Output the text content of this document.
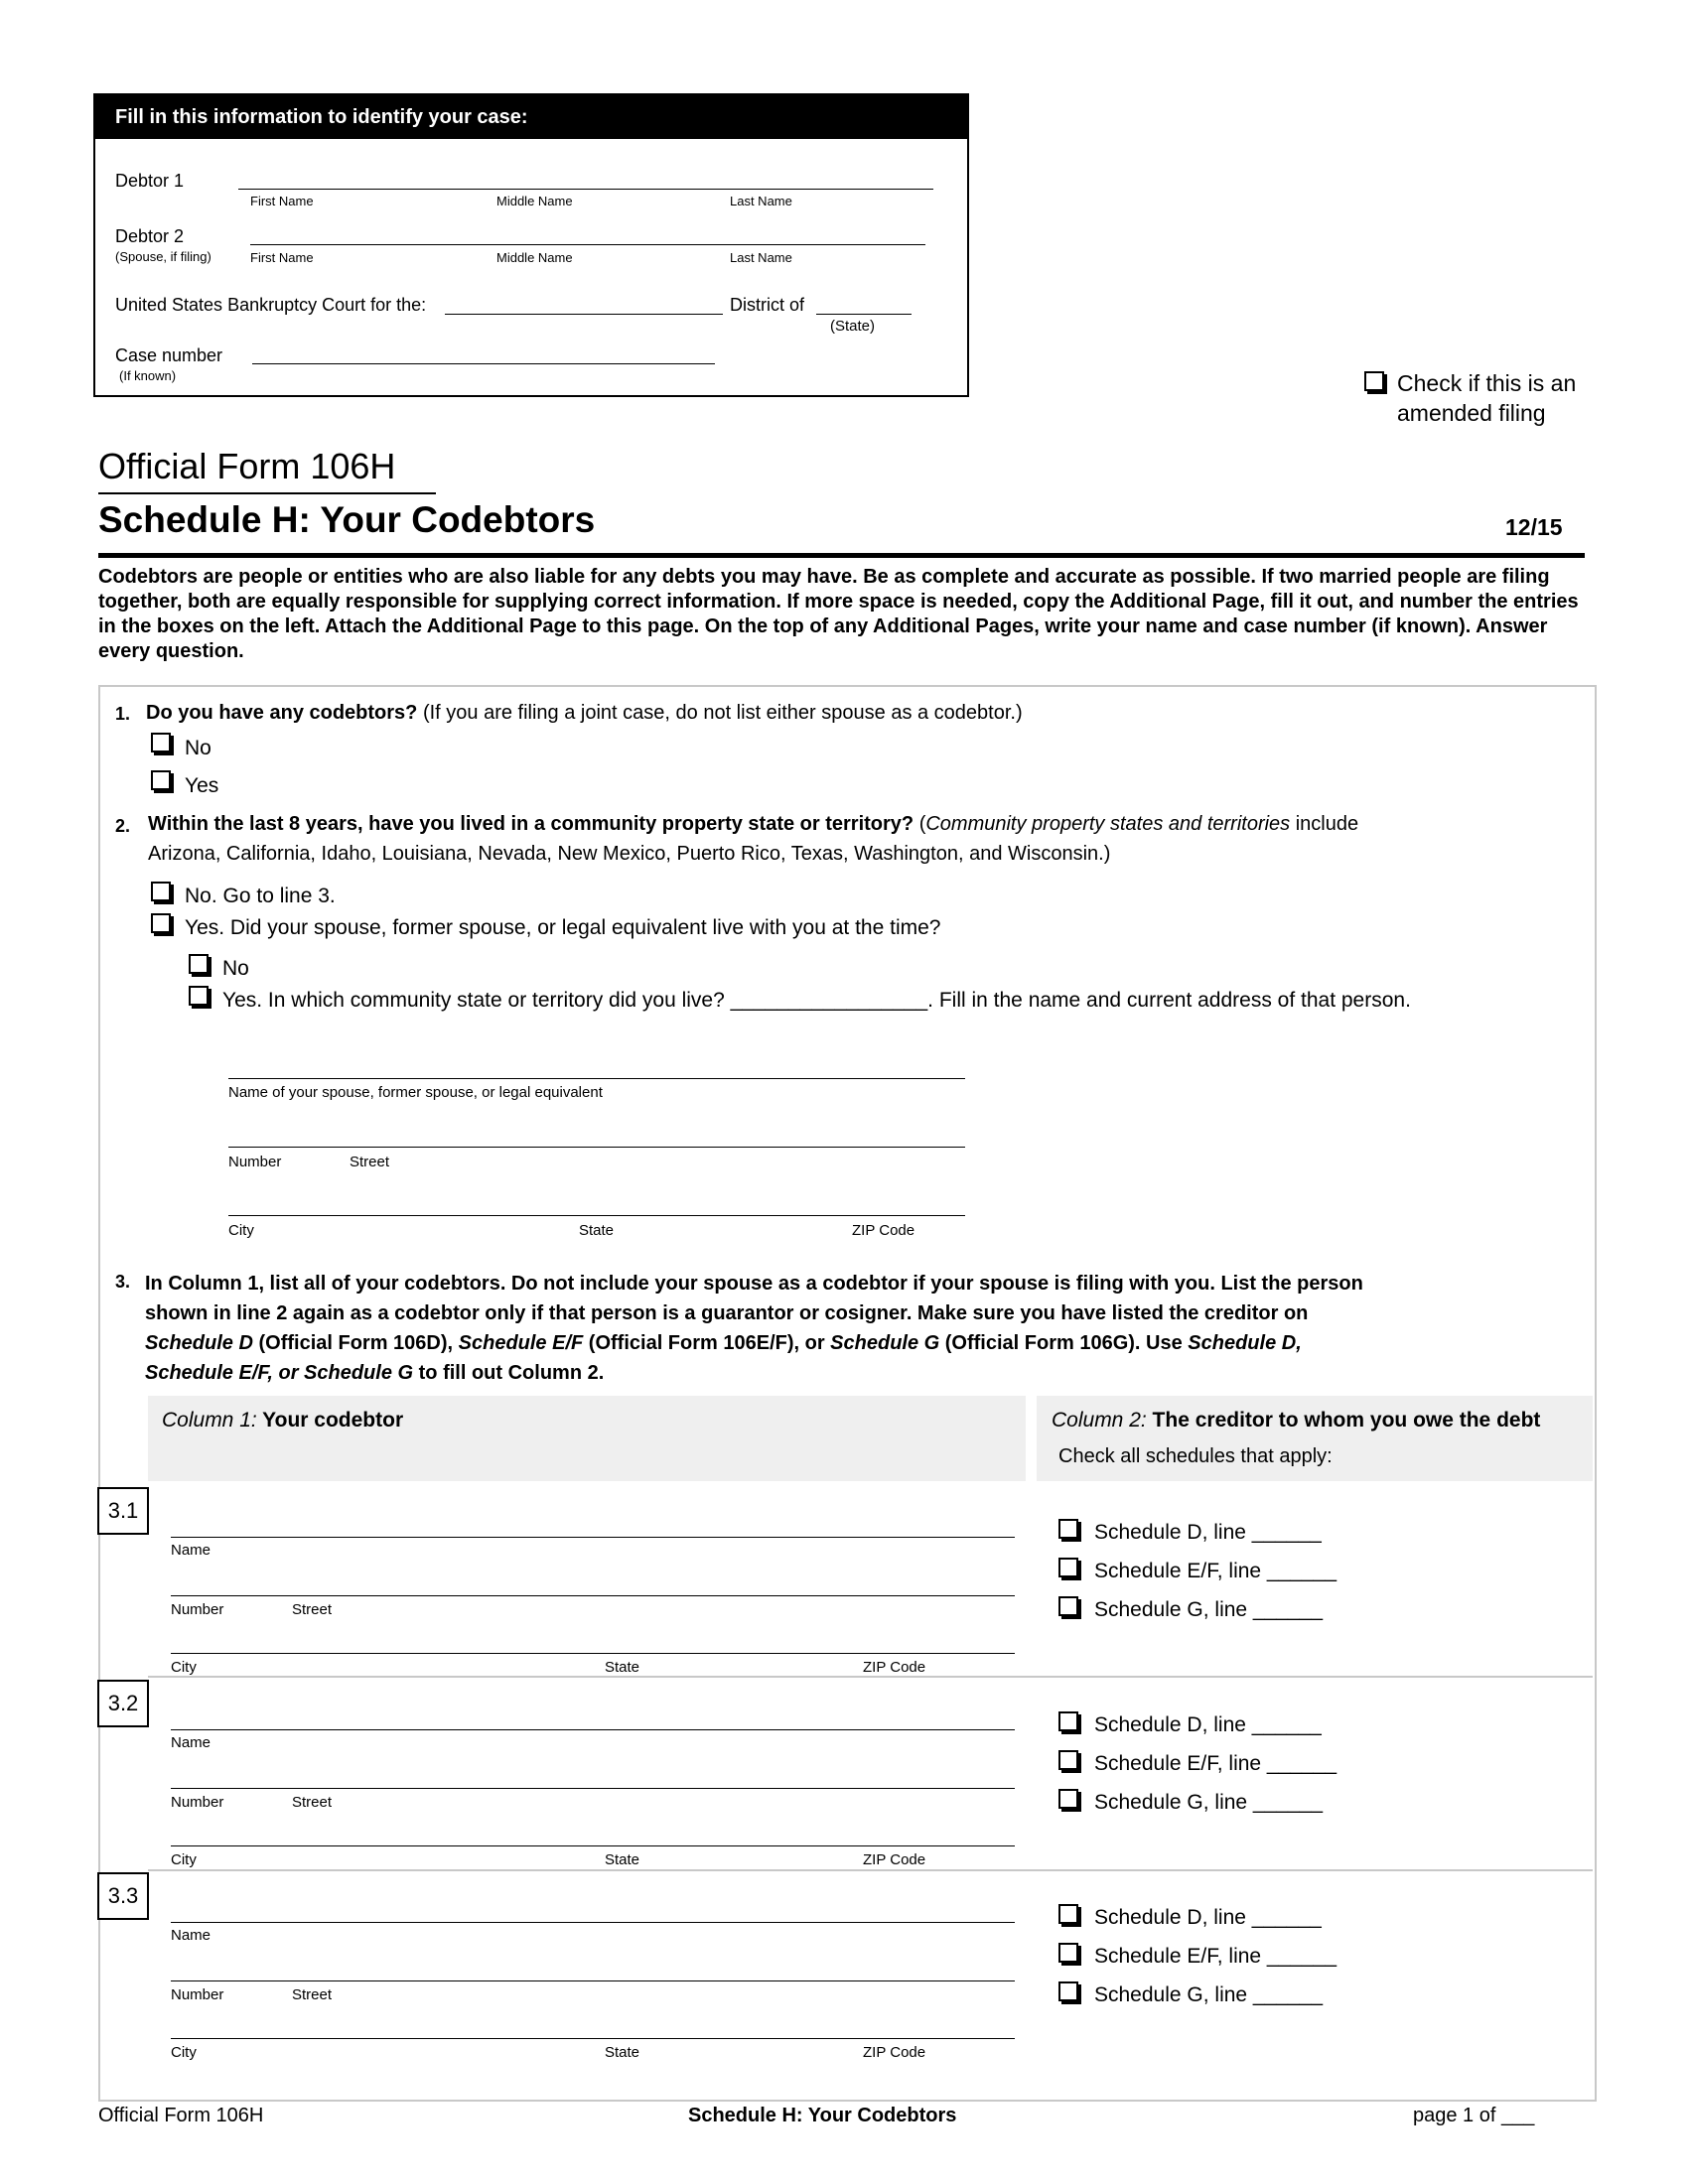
Fill in this information to identify your case:
Debtor 1
First Name	Middle Name	Last Name
Debtor 2
(Spouse, if filing)	First Name	Middle Name	Last Name
United States Bankruptcy Court for the:	District of
(State)
Case number
(If known)	Check if this is an
amended filing
Official Form 106H
Schedule H: Your Codebtors	12/15
Codebtors are people or entities who are also liable for any debts you may have. Be as complete and accurate as possible. If two married people are filing together, both are equally responsible for supplying correct information. If more space is needed, copy the Additional Page, fill it out, and number the entries in the boxes on the left. Attach the Additional Page to this page. On the top of any Additional Pages, write your name and case number (if known). Answer every question.
1. Do you have any codebtors? (If you are filing a joint case, do not list either spouse as a codebtor.)
No
Yes
2. Within the last 8 years, have you lived in a community property state or territory? (Community property states and territories include
Arizona, California, Idaho, Louisiana, Nevada, New Mexico, Puerto Rico, Texas, Washington, and Wisconsin.)
No. Go to line 3.
Yes. Did your spouse, former spouse, or legal equivalent live with you at the time?
No
Yes. In which community state or territory did you live? _________________. Fill in the name and current address of that person.
Name of your spouse, former spouse, or legal equivalent
Number	Street
City	State	ZIP Code
3. In Column 1, list all of your codebtors. Do not include your spouse as a codebtor if your spouse is filing with you. List the person
shown in line 2 again as a codebtor only if that person is a guarantor or cosigner. Make sure you have listed the creditor on
Schedule D (Official Form 106D), Schedule E/F (Official Form 106E/F), or Schedule G (Official Form 106G). Use Schedule D,
Schedule E/F, or Schedule G to fill out Column 2.
Column 1: Your codebtor	Column 2: The creditor to whom you owe the debt
Check all schedules that apply:
3.1
Name
Number	Street
City	State	ZIP Code
Schedule D, line ______
Schedule E/F, line ______
Schedule G, line ______
3.2
Name
Number	Street
City	State	ZIP Code
Schedule D, line ______
Schedule E/F, line ______
Schedule G, line ______
3.3
Name
Number	Street
City	State	ZIP Code
Schedule D, line ______
Schedule E/F, line ______
Schedule G, line ______
Official Form 106H	Schedule H: Your Codebtors	page 1 of ___
